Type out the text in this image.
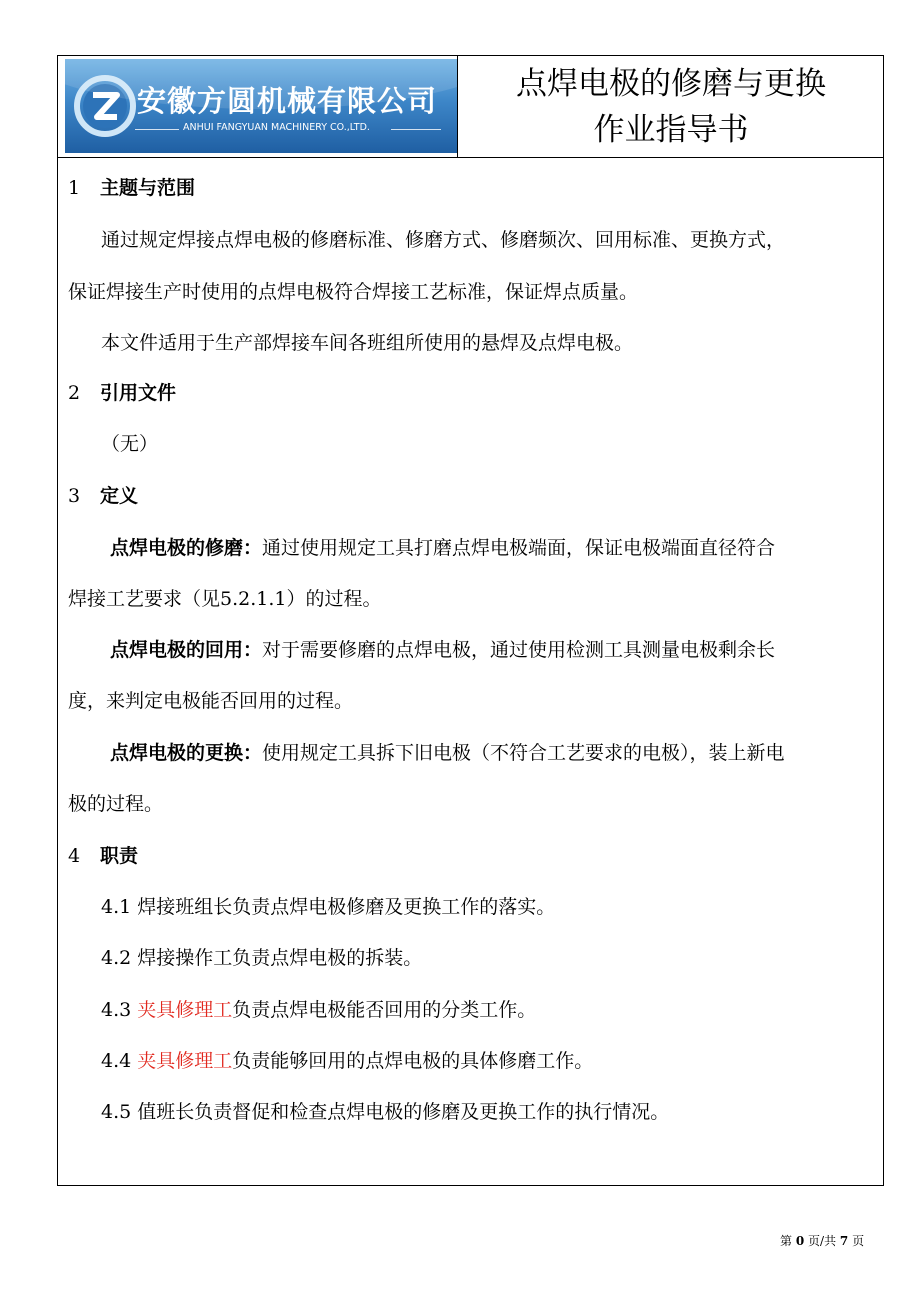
安徽方圆机械有限公司
ANHUI FANGYUAN MACHINERY CO.,LTD.
点焊电极的修磨与更换
作业指导书
1 主题与范围
通过规定焊接点焊电极的修磨标准、修磨方式、修磨频次、回用标准、更换方式，
保证焊接生产时使用的点焊电极符合焊接工艺标准，保证焊点质量。
本文件适用于生产部焊接车间各班组所使用的悬焊及点焊电极。
2 引用文件
（无）
3 定义
点焊电极的修磨：通过使用规定工具打磨点焊电极端面，保证电极端面直径符合
焊接工艺要求（见5.2.1.1）的过程。
点焊电极的回用：对于需要修磨的点焊电极，通过使用检测工具测量电极剩余长
度，来判定电极能否回用的过程。
点焊电极的更换：使用规定工具拆下旧电极（不符合工艺要求的电极），装上新电
极的过程。
4 职责
4.1 焊接班组长负责点焊电极修磨及更换工作的落实。
4.2 焊接操作工负责点焊电极的拆装。
4.3 夹具修理工负责点焊电极能否回用的分类工作。
4.4 夹具修理工负责能够回用的点焊电极的具体修磨工作。
4.5 值班长负责督促和检查点焊电极的修磨及更换工作的执行情况。
第 0 页/共 7 页
